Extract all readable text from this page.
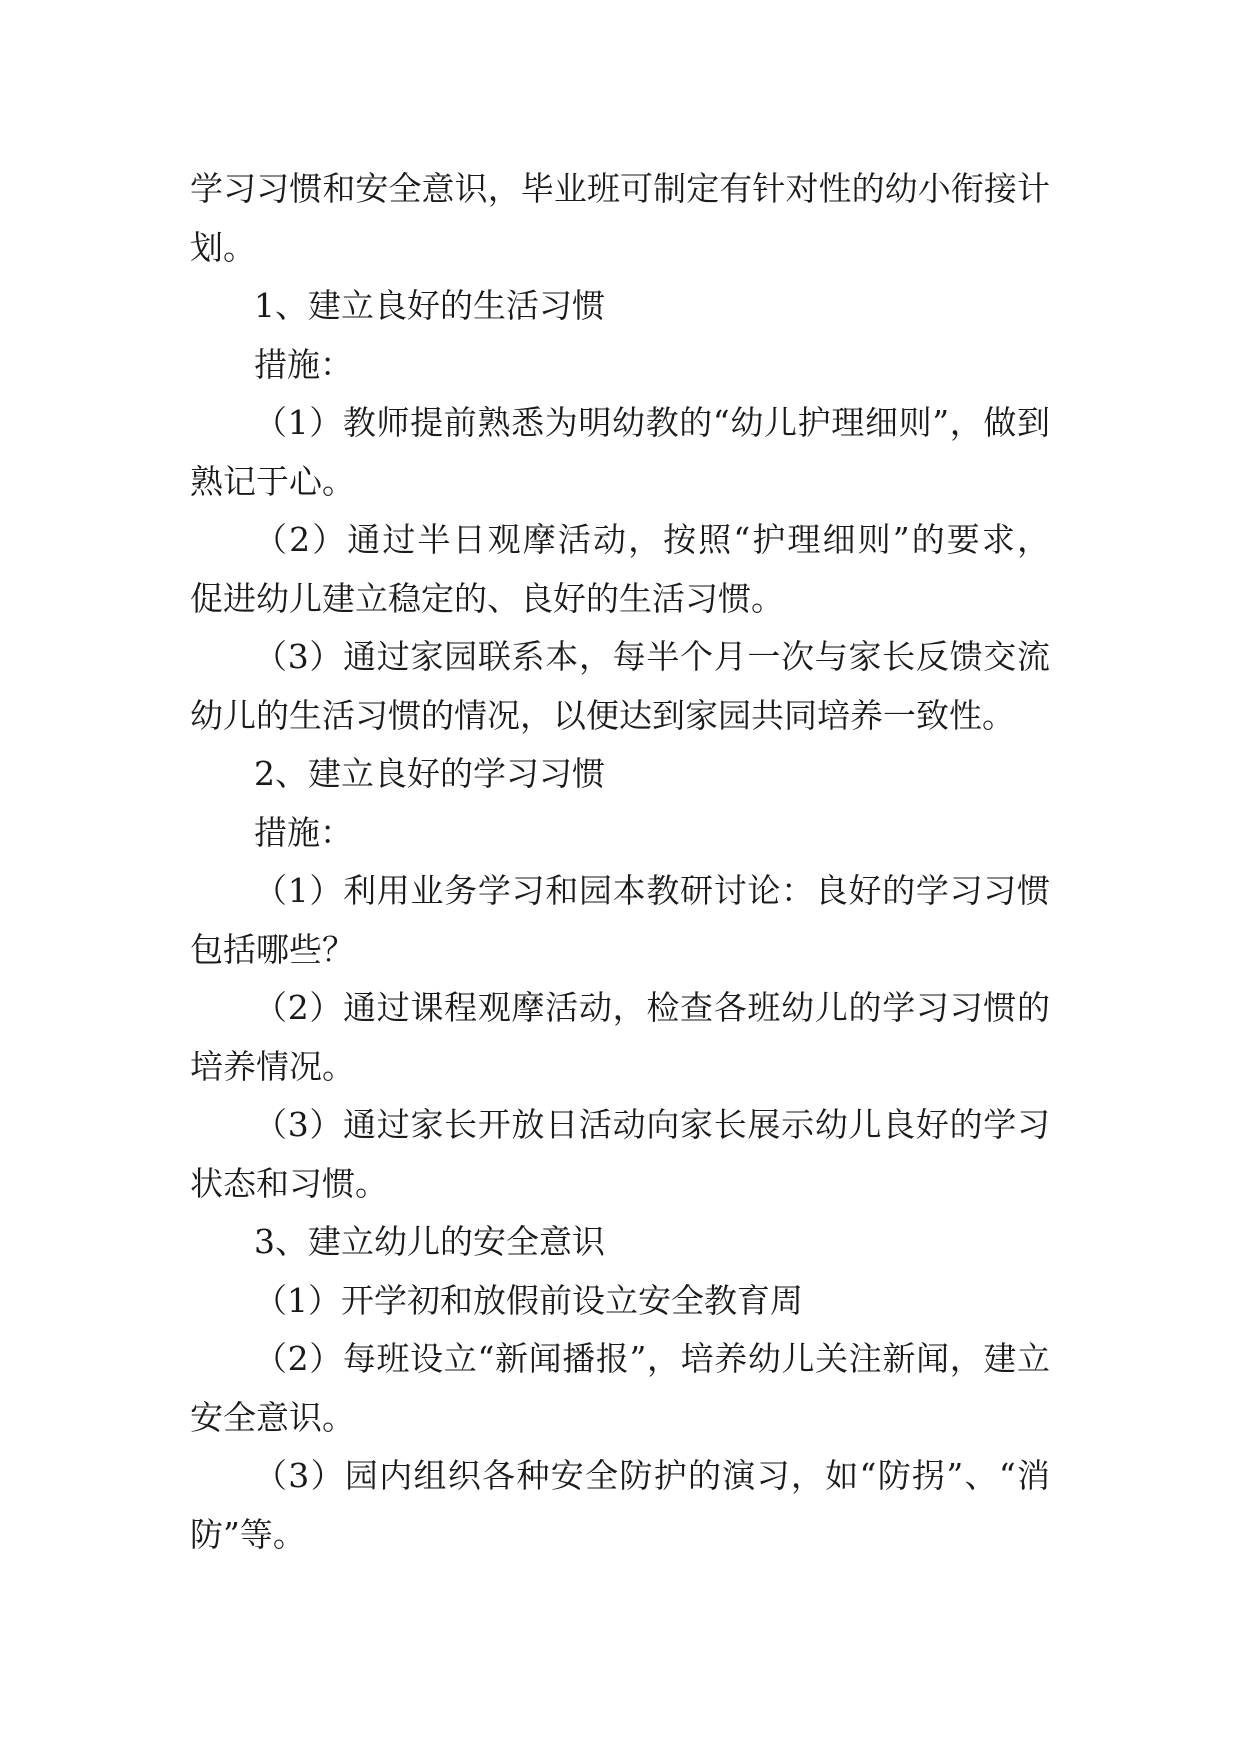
学习习惯和安全意识，毕业班可制定有针对性的幼小衔接计
划。
1、建立良好的生活习惯
措施：
（1）教师提前熟悉为明幼教的“幼儿护理细则”，做到
熟记于心。
（2）通过半日观摩活动，按照“护理细则”的要求，
促进幼儿建立稳定的、良好的生活习惯。
（3）通过家园联系本，每半个月一次与家长反馈交流
幼儿的生活习惯的情况，以便达到家园共同培养一致性。
2、建立良好的学习习惯
措施：
（1）利用业务学习和园本教研讨论：良好的学习习惯
包括哪些？
（2）通过课程观摩活动，检查各班幼儿的学习习惯的
培养情况。
（3）通过家长开放日活动向家长展示幼儿良好的学习
状态和习惯。
3、建立幼儿的安全意识
（1）开学初和放假前设立安全教育周
（2）每班设立“新闻播报”，培养幼儿关注新闻，建立
安全意识。
（3）园内组织各种安全防护的演习，如“防拐”、“消
防”等。
